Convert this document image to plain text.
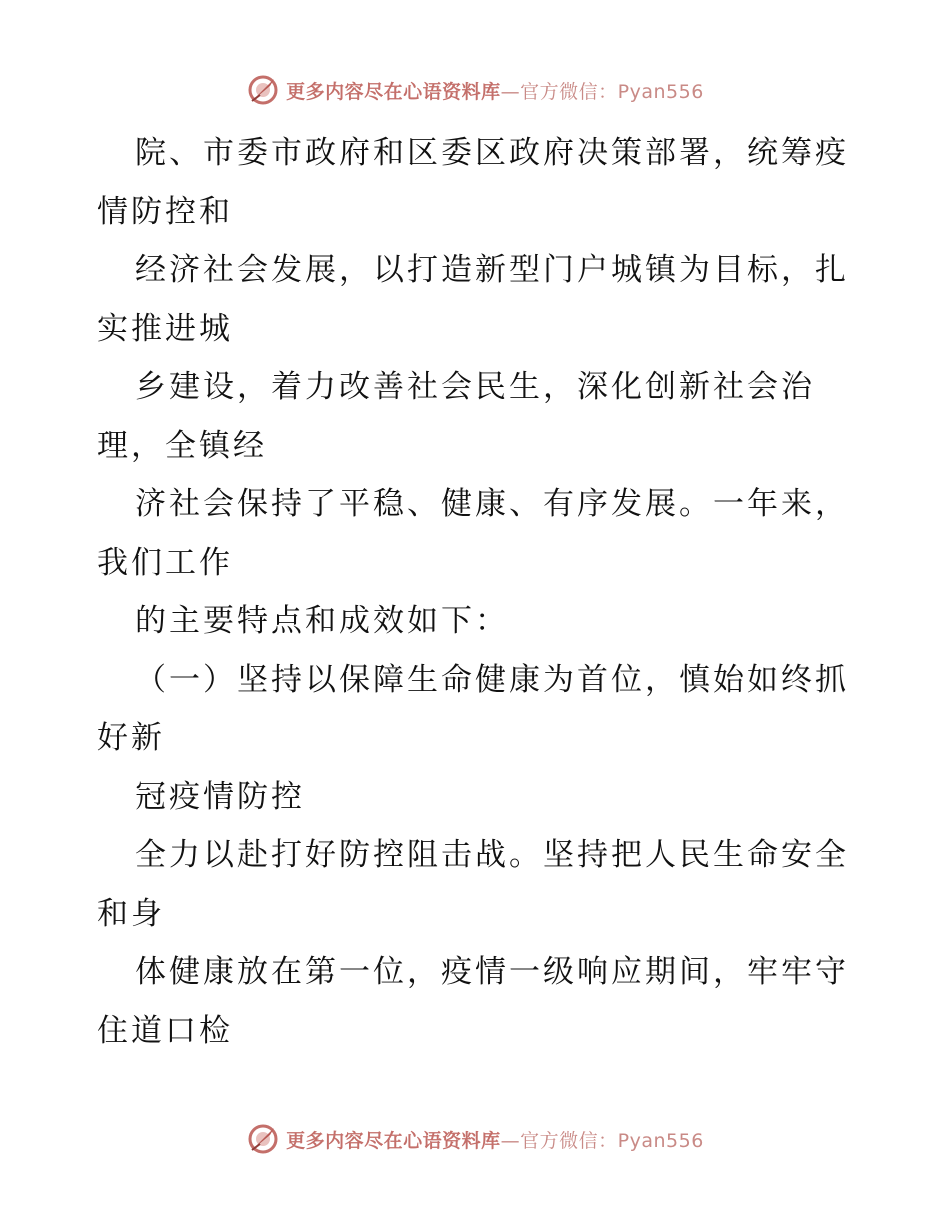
更多内容尽在心语资料库—官方微信：Pyan556
院、市委市政府和区委区政府决策部署，统筹疫
情防控和
经济社会发展，以打造新型门户城镇为目标，扎
实推进城
乡建设，着力改善社会民生，深化创新社会治
理，全镇经
济社会保持了平稳、健康、有序发展。一年来，
我们工作
的主要特点和成效如下：
（一）坚持以保障生命健康为首位，慎始如终抓
好新
冠疫情防控
全力以赴打好防控阻击战。坚持把人民生命安全
和身
体健康放在第一位，疫情一级响应期间，牢牢守
住道口检
更多内容尽在心语资料库—官方微信：Pyan556
